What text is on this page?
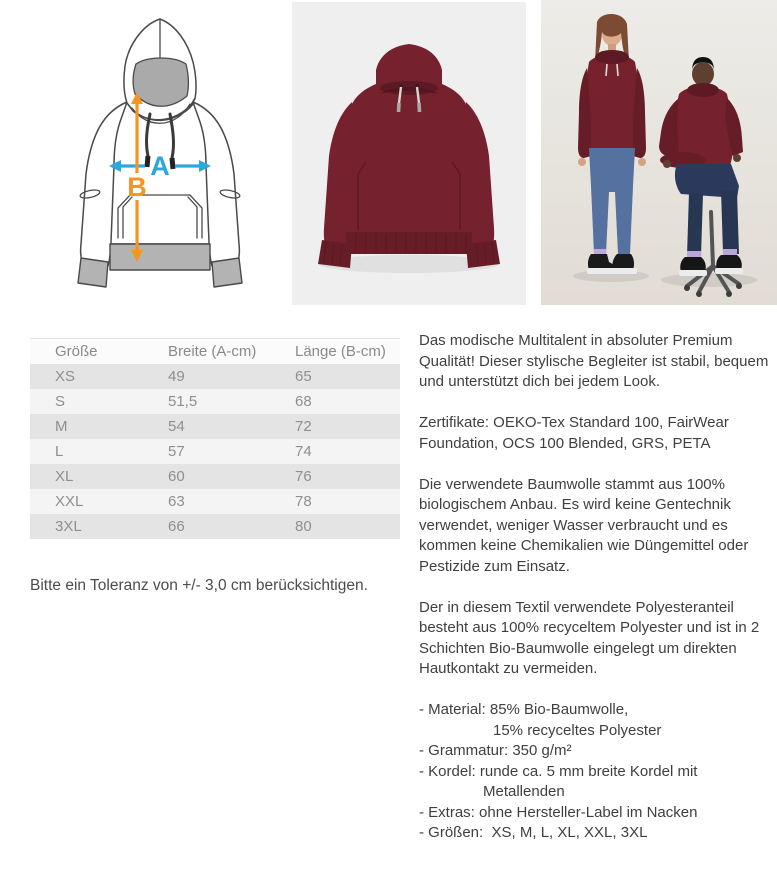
A
B
Größe	Breite (A-cm)	Länge (B-cm)
XS	49	65
S	51,5	68
M	54	72
L	57	74
XL	60	76
XXL	63	78
3XL	66	80
Bitte ein Toleranz von +/- 3,0 cm berücksichtigen.

Das modische Multitalent in absoluter Premium Qualität! Dieser stylische Begleiter ist stabil, bequem und unterstützt dich bei jedem Look.

Zertifikate: OEKO-Tex Standard 100, FairWear Foundation, OCS 100 Blended, GRS, PETA

Die verwendete Baumwolle stammt aus 100% biologischem Anbau. Es wird keine Gentechnik verwendet, weniger Wasser verbraucht und es kommen keine Chemikalien wie Düngemittel oder Pestizide zum Einsatz.

Der in diesem Textil verwendete Polyesteranteil besteht aus 100% recyceltem Polyester und ist in 2 Schichten Bio-Baumwolle eingelegt um direkten Hautkontakt zu vermeiden.

- Material: 85% Bio-Baumwolle,
15% recyceltes Polyester
- Grammatur: 350 g/m²
- Kordel: runde ca. 5 mm breite Kordel mit
Metallenden
- Extras: ohne Hersteller-Label im Nacken
- Größen:  XS, M, L, XL, XXL, 3XL
